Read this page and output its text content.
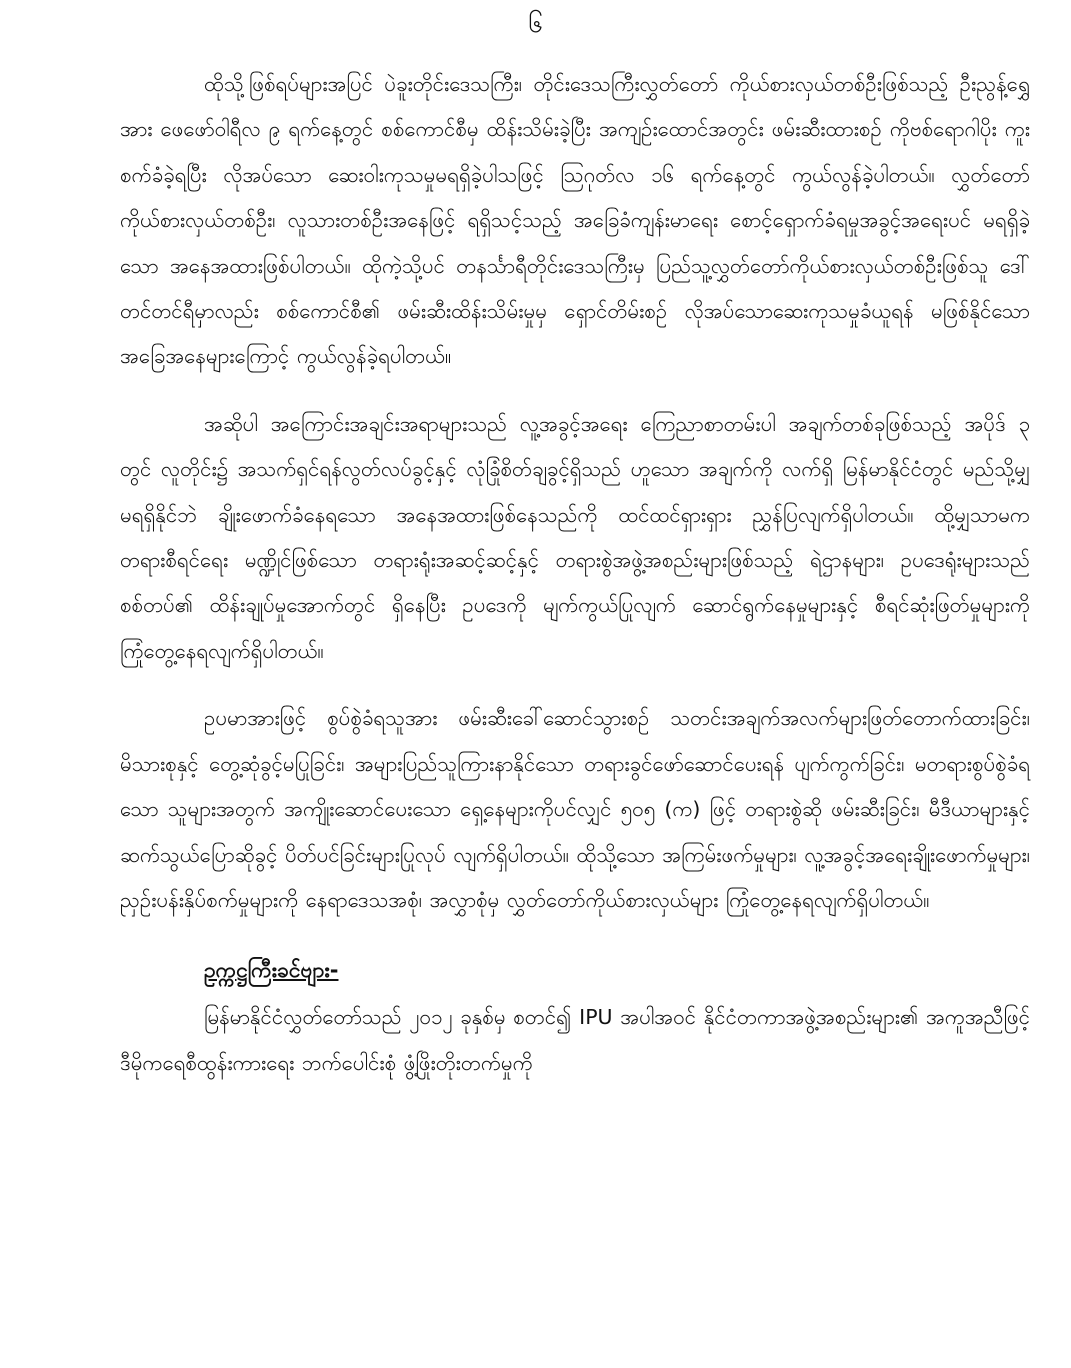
၆

ထိုသို့ဖြစ်ရပ်များအပြင် ပဲခူးတိုင်းဒေသကြီး၊ တိုင်းဒေသကြီးလွှတ်တော် ကိုယ်စားလှယ်တစ်ဦးဖြစ်သည့် ဦးညွန့်ရွှေအား ဖေဖော်ဝါရီလ ၉ ရက်နေ့တွင် စစ်ကောင်စီမှ ထိန်းသိမ်းခဲ့ပြီး အကျဉ်းထောင်အတွင်း ဖမ်းဆီးထားစဉ် ကိုဗစ်ရောဂါပိုး ကူးစက်ခံခဲ့ရပြီး လိုအပ်သော ဆေးဝါးကုသမှုမရရှိခဲ့ပါသဖြင့် ဩဂုတ်လ ၁၆ ရက်နေ့တွင် ကွယ်လွန်ခဲ့ပါတယ်။ လွှတ်တော်ကိုယ်စားလှယ်တစ်ဦး၊ လူသားတစ်ဦးအနေဖြင့် ရရှိသင့်သည့် အခြေခံကျန်းမာရေး စောင့်ရှောက်ခံရမှုအခွင့်အရေးပင် မရရှိခဲ့သော အနေအထားဖြစ်ပါတယ်။ ထိုကဲ့သို့ပင် တနင်္သာရီတိုင်းဒေသကြီးမှ ပြည်သူ့လွှတ်တော်ကိုယ်စားလှယ်တစ်ဦးဖြစ်သူ ဒေါ်တင်တင်ရီမှာလည်း စစ်ကောင်စီ၏ ဖမ်းဆီးထိန်းသိမ်းမှုမှ ရှောင်တိမ်းစဉ် လိုအပ်သောဆေးကုသမှုခံယူရန် မဖြစ်နိုင်သော အခြေအနေများကြောင့် ကွယ်လွန်ခဲ့ရပါတယ်။

အဆိုပါ အကြောင်းအချင်းအရာများသည် လူ့အခွင့်အရေး ကြေညာစာတမ်းပါ အချက်တစ်ခုဖြစ်သည့် အပိုဒ် ၃ တွင် လူတိုင်း၌ အသက်ရှင်ရန်လွတ်လပ်ခွင့်နှင့် လုံခြုံစိတ်ချခွင့်ရှိသည် ဟူသော အချက်ကို လက်ရှိ မြန်မာနိုင်ငံတွင် မည်သို့မျှ မရရှိနိုင်ဘဲ ချိုးဖောက်ခံနေရသော အနေအထားဖြစ်နေသည်ကို ထင်ထင်ရှားရှား ညွှန်ပြလျက်ရှိပါတယ်။ ထို့မျှသာမက တရားစီရင်ရေး မဏ္ဍိုင်ဖြစ်သော တရားရုံးအဆင့်ဆင့်နှင့် တရားစွဲအဖွဲ့အစည်းများဖြစ်သည့် ရဲဌာနများ၊ ဥပဒေရုံးများသည် စစ်တပ်၏ ထိန်းချုပ်မှုအောက်တွင် ရှိနေပြီး ဥပဒေကို မျက်ကွယ်ပြုလျက် ဆောင်ရွက်နေမှုများနှင့် စီရင်ဆုံးဖြတ်မှုများကို ကြုံတွေ့နေရလျက်ရှိပါတယ်။

ဥပမာအားဖြင့် စွပ်စွဲခံရသူအား ဖမ်းဆီးခေါ်ဆောင်သွားစဉ် သတင်းအချက်အလက်များဖြတ်တောက်ထားခြင်း၊ မိသားစုနှင့် တွေ့ဆုံခွင့်မပြုခြင်း၊ အများပြည်သူကြားနာနိုင်သော တရားခွင်ဖော်ဆောင်ပေးရန် ပျက်ကွက်ခြင်း၊ မတရားစွပ်စွဲခံရသော သူများအတွက် အကျိုးဆောင်ပေးသော ရှေ့နေများကိုပင်လျှင် ၅၀၅ (က) ဖြင့် တရားစွဲဆို ဖမ်းဆီးခြင်း၊ မီဒီယာများနှင့် ဆက်သွယ်ပြောဆိုခွင့် ပိတ်ပင်ခြင်းများပြုလုပ် လျက်ရှိပါတယ်။ ထိုသို့သော အကြမ်းဖက်မှုများ၊ လူ့အခွင့်အရေးချိုးဖောက်မှုများ၊ ညှဉ်းပန်းနှိပ်စက်မှုများကို နေရာဒေသအစုံ၊ အလွှာစုံမှ လွှတ်တော်ကိုယ်စားလှယ်များ ကြုံတွေ့နေရလျက်ရှိပါတယ်။

ဥက္ကဋ္ဌကြီးခင်ဗျား-

မြန်မာနိုင်ငံလွှတ်တော်သည် ၂၀၁၂ ခုနှစ်မှ စတင်၍ IPU အပါအဝင် နိုင်ငံတကာအဖွဲ့အစည်းများ၏ အကူအညီဖြင့် ဒီမိုကရေစီထွန်းကားရေး ဘက်ပေါင်းစုံ ဖွံ့ဖြိုးတိုးတက်မှုကို
